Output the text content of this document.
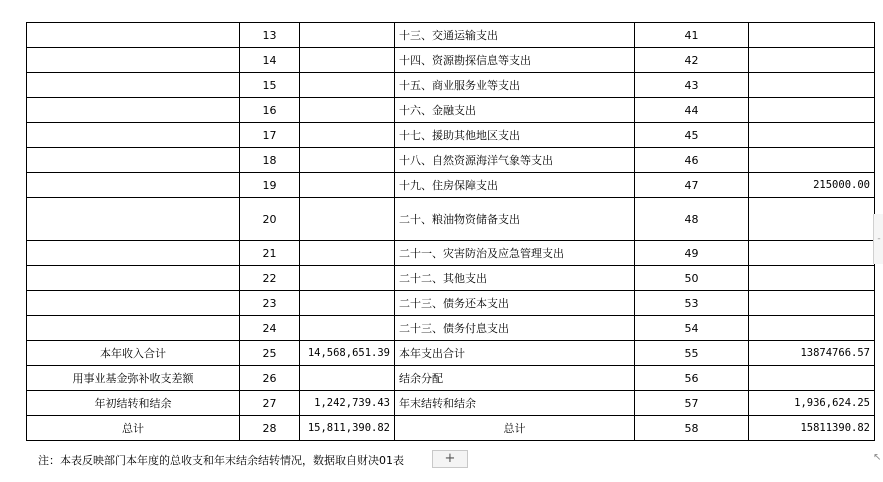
	13		十三、交通运输支出	41	
	14		十四、资源勘探信息等支出	42	
	15		十五、商业服务业等支出	43	
	16		十六、金融支出	44	
	17		十七、援助其他地区支出	45	
	18		十八、自然资源海洋气象等支出	46	
	19		十九、住房保障支出	47	215000.00
	20		二十、粮油物资储备支出	48	
	21		二十一、灾害防治及应急管理支出	49	
	22		二十二、其他支出	50	
	23		二十三、债务还本支出	53	
	24		二十三、债务付息支出	54	
本年收入合计	25	14,568,651.39	本年支出合计	55	13874766.57
用事业基金弥补收支差额	26		结余分配	56	
年初结转和结余	27	1,242,739.43	年末结转和结余	57	1,936,624.25
总计	28	15,811,390.82	总计	58	15811390.82
注：本表反映部门本年度的总收支和年末结余结转情况，数据取自财决01表	+
-
↖
